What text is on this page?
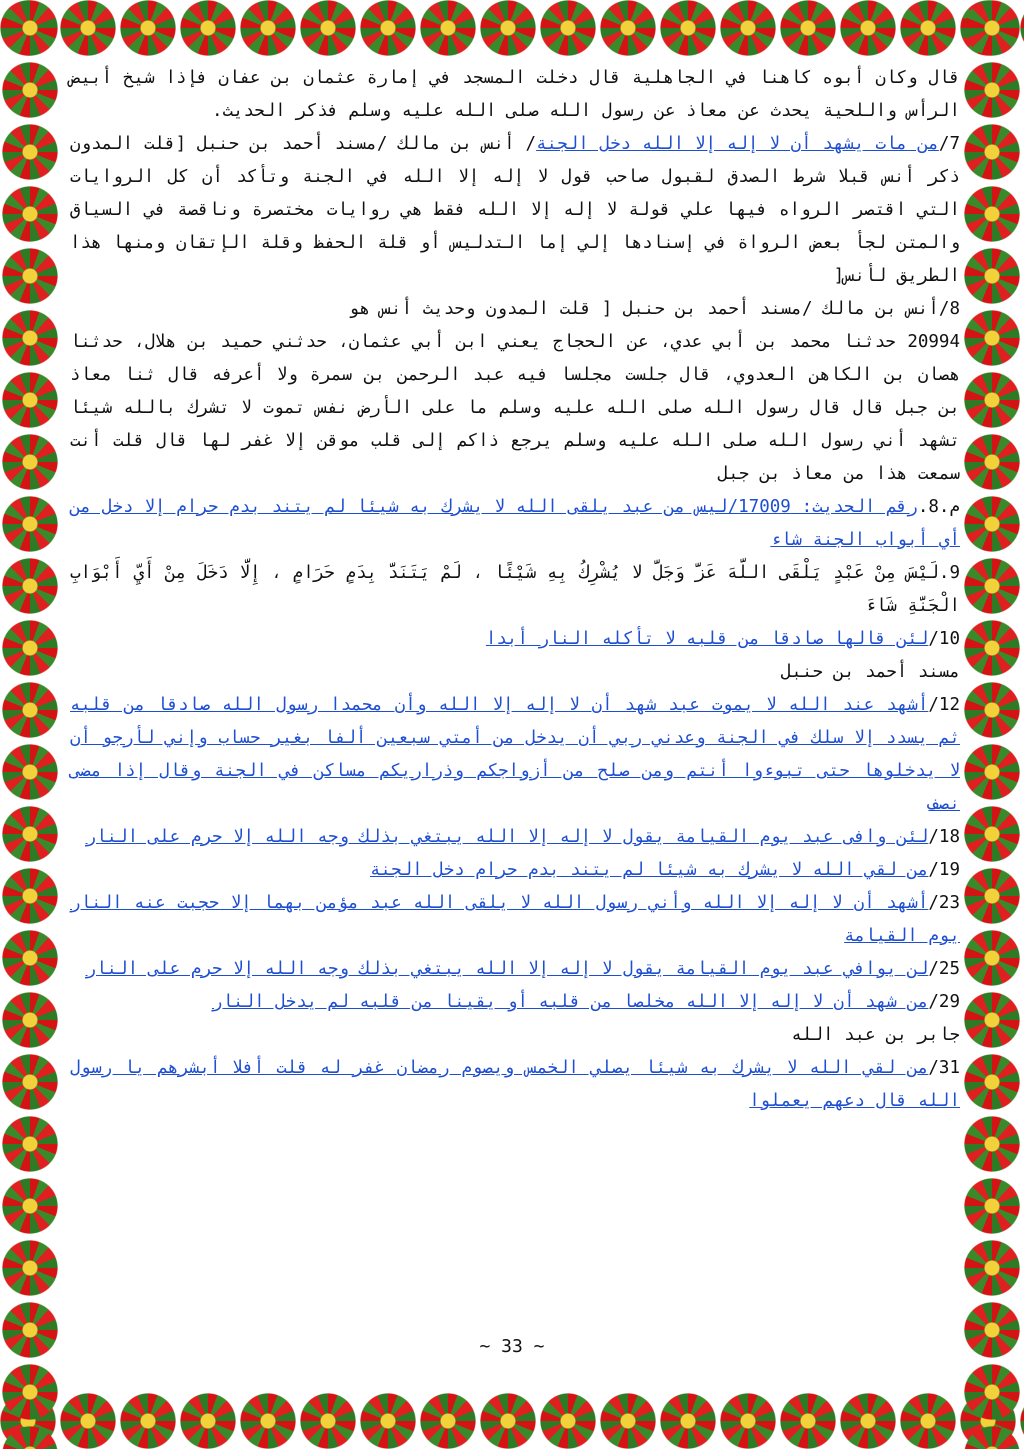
قال وكان أبوه كاهنا في الجاهلية قال دخلت المسجد في إمارة عثمان بن عفان فإذا شيخ أبيض الرأس واللحية يحدث عن معاذ عن رسول الله صلى الله عليه وسلم فذكر الحديث.

7/من مات يشهد أن لا إله إلا الله دخل الجنة/ أنس بن مالك /مسند أحمد بن حنبل [قلت المدون ذكر أنس قبلا شرط الصدق لقبول صاحب قول لا إله إلا الله في الجنة وتأكد أن كل الروايات التي اقتصر الرواه فيها علي قولة لا إله إلا الله فقط هي روايات مختصرة وناقصة في السياق والمتن لجأ بعض الرواة في إسنادها إلي إما التدليس أو قلة الحفظ وقلة الإتقان ومنها هذا الطريق لأنس[

8/أنس بن مالك /مسند أحمد بن حنبل [ قلت المدون وحديث أنس هو

20994 حدثنا محمد بن أبي عدي، عن الحجاج يعني ابن أبي عثمان، حدثني حميد بن هلال، حدثنا هصان بن الكاهن العدوي، قال جلست مجلسا فيه عبد الرحمن بن سمرة ولا أعرفه قال ثنا معاذ بن جبل قال قال رسول الله صلى الله عليه وسلم ما على الأرض نفس تموت لا تشرك بالله شيئا تشهد أني رسول الله صلى الله عليه وسلم يرجع ذاكم إلى قلب موقن إلا غفر لها قال قلت أنت سمعت هذا من معاذ بن جبل

م.8.رقم الحديث: 17009/ليس من عبد يلقى الله لا يشرك به شيئا لم يتند بدم حرام إلا دخل من أي أبواب الجنة شاء

9.لَيْسَ مِنْ عَبْدٍ يَلْقَى اللَّهَ عَزَّ وَجَلَّ لا يُشْرِكُ بِهِ شَيْئًا ، لَمْ يَتَنَدَّ بِدَمٍ حَرَامٍ ، إِلَّا دَخَلَ مِنْ أَيِّ أَبْوَابِ الْجَنَّةِ شَاءَ

10/لئن قالها صادقا من قلبه لا تأكله النار أبدا

مسند أحمد بن حنبل

12/أشهد عند الله لا يموت عبد شهد أن لا إله إلا الله وأن محمدا رسول الله صادقا من قلبه ثم يسدد إلا سلك في الجنة وعدني ربي أن يدخل من أمتي سبعين ألفا بغير حساب وإني لأرجو أن لا يدخلوها حتى تبوءوا أنتم ومن صلح من أزواجكم وذراريكم مساكن في الجنة وقال إذا مضى نصف

18/لئن وافى عبد يوم القيامة يقول لا إله إلا الله يبتغي بذلك وجه الله إلا حرم على النار

19/من لقي الله لا يشرك به شيئا لم يتند بدم حرام دخل الجنة

23/أشهد أن لا إله إلا الله وأني رسول الله لا يلقى الله عبد مؤمن بهما إلا حجبت عنه النار يوم القيامة

25/لن يوافي عبد يوم القيامة يقول لا إله إلا الله يبتغي بذلك وجه الله إلا حرم على النار

29/من شهد أن لا إله إلا الله مخلصا من قلبه أو يقينا من قلبه لم يدخل النار

جابر بن عبد الله

31/من لقي الله لا يشرك به شيئا يصلي الخمس ويصوم رمضان غفر له قلت أفلا أبشرهم يا رسول الله قال دعهم يعملوا

~ 33 ~
